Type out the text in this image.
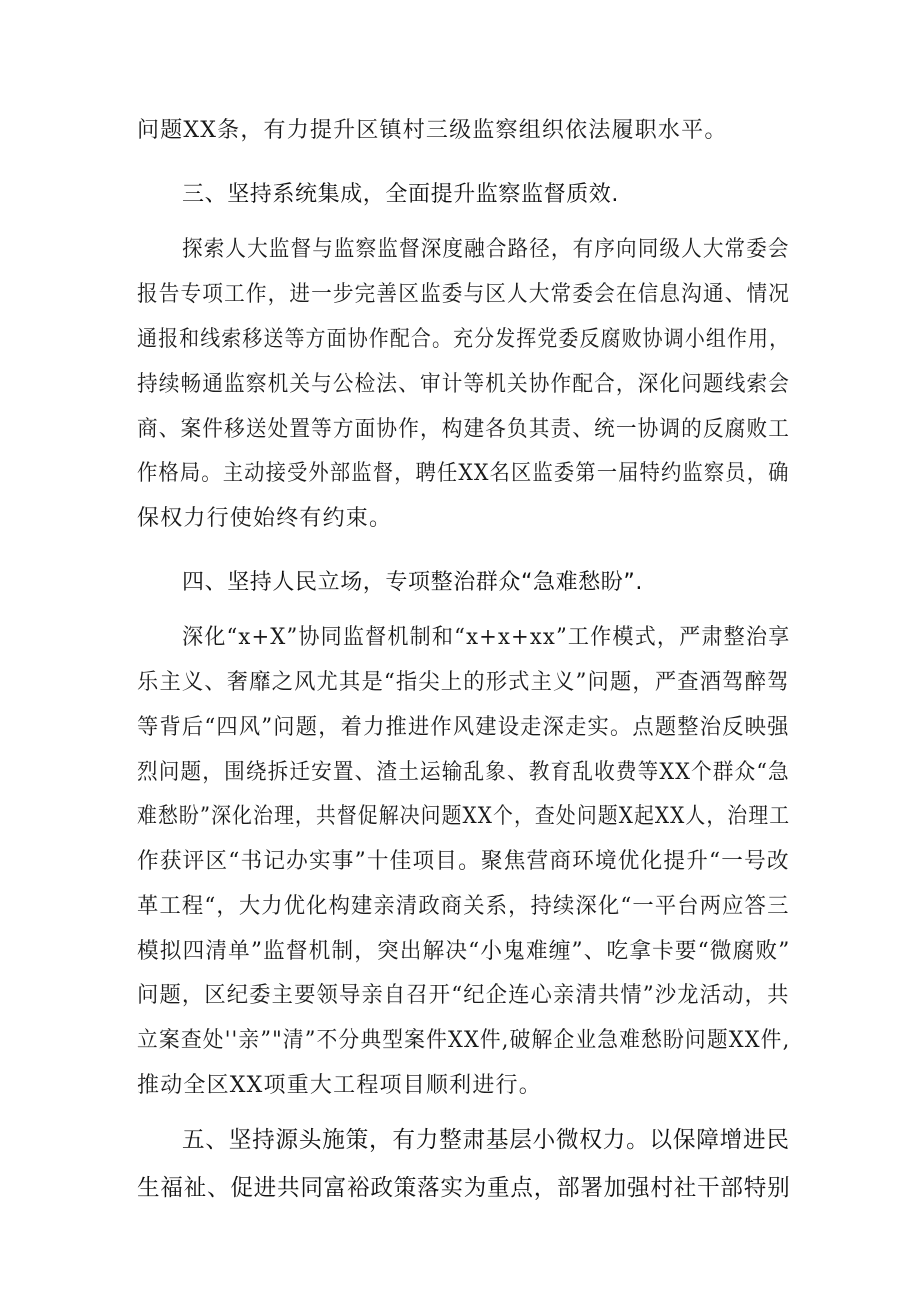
问题XX条，有力提升区镇村三级监察组织依法履职水平。
三、坚持系统集成，全面提升监察监督质效.
探索人大监督与监察监督深度融合路径，有序向同级人大常委会
报告专项工作，进一步完善区监委与区人大常委会在信息沟通、情况
通报和线索移送等方面协作配合。充分发挥党委反腐败协调小组作用，
持续畅通监察机关与公检法、审计等机关协作配合，深化问题线索会
商、案件移送处置等方面协作，构建各负其责、统一协调的反腐败工
作格局。主动接受外部监督，聘任XX名区监委第一届特约监察员，确
保权力行使始终有约束。
四、坚持人民立场，专项整治群众“急难愁盼”.
深化“x+X”协同监督机制和“x+x+xx”工作模式，严肃整治享
乐主义、奢靡之风尤其是“指尖上的形式主义”问题，严查酒驾醉驾
等背后“四风”问题，着力推进作风建设走深走实。点题整治反映强
烈问题，围绕拆迁安置、渣土运输乱象、教育乱收费等XX个群众“急
难愁盼”深化治理，共督促解决问题XX个，查处问题X起XX人，治理工
作获评区“书记办实事”十佳项目。聚焦营商环境优化提升“一号改
革工程“，大力优化构建亲清政商关系，持续深化“一平台两应答三
模拟四清单”监督机制，突出解决“小鬼难缠”、吃拿卡要“微腐败”
问题，区纪委主要领导亲自召开“纪企连心亲清共情”沙龙活动，共
立案查处''亲”"清”不分典型案件XX件,破解企业急难愁盼问题XX件,
推动全区XX项重大工程项目顺利进行。
五、坚持源头施策，有力整肃基层小微权力。以保障增进民
生福祉、促进共同富裕政策落实为重点，部署加强村社干部特别
